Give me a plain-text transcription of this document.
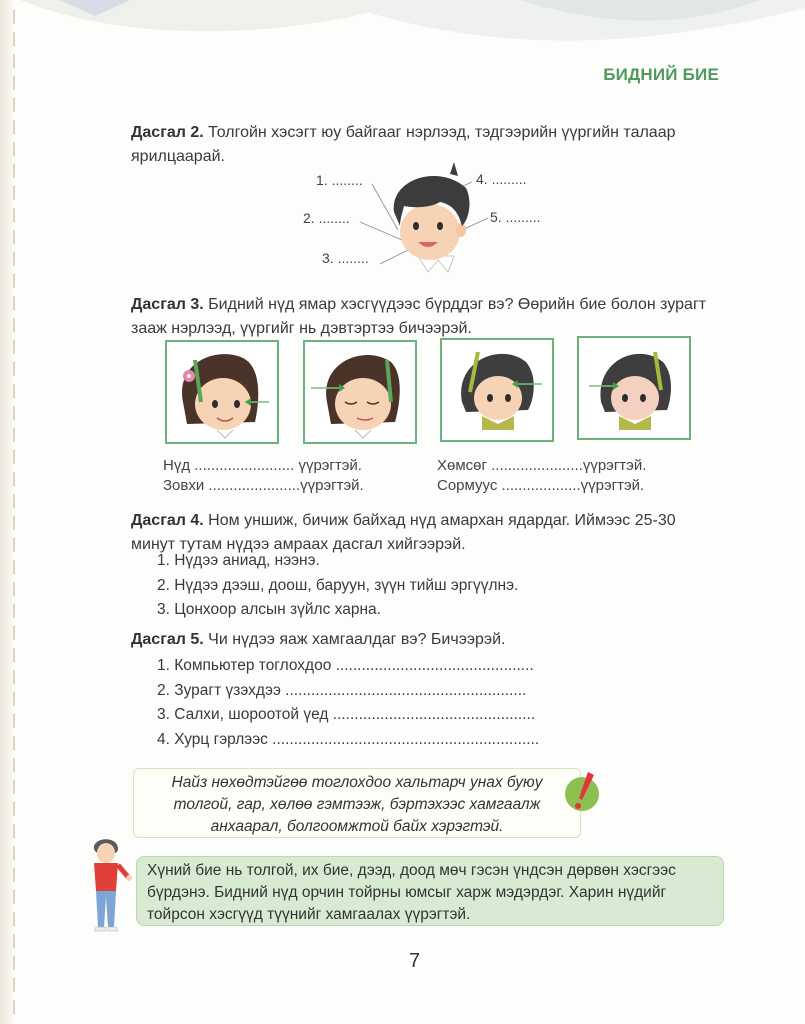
БИДНИЙ БИЕ
Дасгал 2. Толгойн хэсэгт юу байгааг нэрлээд, тэдгээрийн үүргийн талаар
ярилцаарай.
1. ........
2. ........
3. ........
4. .........
5. .........
Дасгал 3. Бидний нүд ямар хэсгүүдээс бүрддэг вэ? Өөрийн бие болон зурагт
зааж нэрлээд, үүргийг нь дэвтэртээ бичээрэй.
Нүд ........................ үүрэгтэй.
Зовхи ......................үүрэгтэй.
Хөмсөг ......................үүрэгтэй.
Сормуус ...................үүрэгтэй.
Дасгал 4. Ном уншиж, бичиж байхад нүд амархан ядардаг. Иймээс 25-30
минут тутам нүдээ амраах дасгал хийгээрэй.
1. Нүдээ аниад, нээнэ.
2. Нүдээ дээш, доош, баруун, зүүн тийш эргүүлнэ.
3. Цонхоор алсын зүйлс харна.
Дасгал 5. Чи нүдээ яаж хамгаалдаг вэ? Бичээрэй.
1. Компьютер тоглохдоо ..............................................
2. Зурагт үзэхдээ ........................................................
3. Салхи, шороотой үед ...............................................
4. Хурц гэрлээс ..............................................................
Найз нөхөдтэйгөө тоглохдоо хальтарч унах буюу
толгой, гар, хөлөө гэмтээж, бэртэхээс хамгаалж
анхаарал, болгоомжтой байх хэрэгтэй.
Хүний бие нь толгой, их бие, дээд, доод мөч гэсэн үндсэн дөрвөн хэсгээс
бүрдэнэ. Бидний нүд орчин тойрны юмсыг харж мэдэрдэг. Харин нүдийг
тойрсон хэсгүүд түүнийг хамгаалах үүрэгтэй.
7
